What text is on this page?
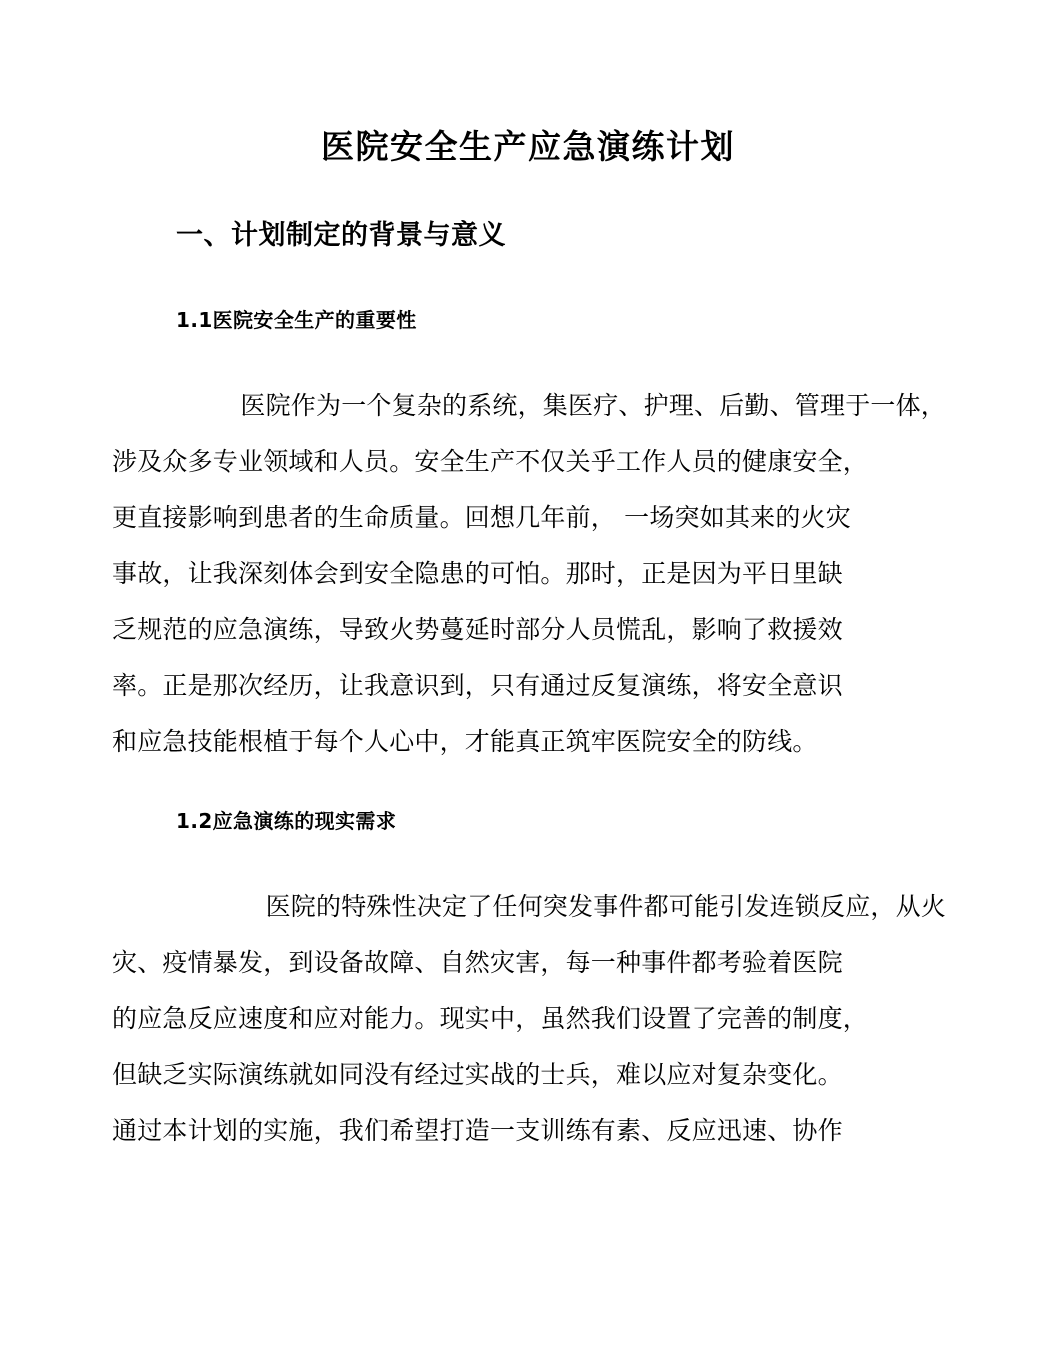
医院安全生产应急演练计划
一、计划制定的背景与意义
1.1医院安全生产的重要性
医院作为一个复杂的系统，集医疗、护理、后勤、管理于一体，
涉及众多专业领域和人员。安全生产不仅关乎工作人员的健康安全，
更直接影响到患者的生命质量。回想几年前， 一场突如其来的火灾
事故，让我深刻体会到安全隐患的可怕。那时，正是因为平日里缺
乏规范的应急演练，导致火势蔓延时部分人员慌乱，影响了救援效
率。正是那次经历，让我意识到，只有通过反复演练，将安全意识
和应急技能根植于每个人心中，才能真正筑牢医院安全的防线。
1.2应急演练的现实需求
医院的特殊性决定了任何突发事件都可能引发连锁反应，从火
灾、疫情暴发，到设备故障、自然灾害，每一种事件都考验着医院
的应急反应速度和应对能力。现实中，虽然我们设置了完善的制度，
但缺乏实际演练就如同没有经过实战的士兵，难以应对复杂变化。
通过本计划的实施，我们希望打造一支训练有素、反应迅速、协作
